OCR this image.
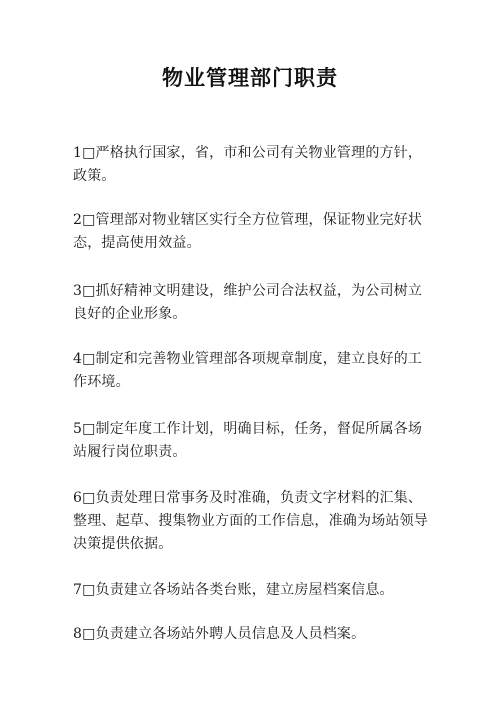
物业管理部门职责

1□严格执行国家，省，市和公司有关物业管理的方针，政策。

2□管理部对物业辖区实行全方位管理，保证物业完好状态，提高使用效益。

3□抓好精神文明建设，维护公司合法权益，为公司树立良好的企业形象。

4□制定和完善物业管理部各项规章制度，建立良好的工作环境。

5□制定年度工作计划，明确目标，任务，督促所属各场站履行岗位职责。

6□负责处理日常事务及时准确，负责文字材料的汇集、整理、起草、搜集物业方面的工作信息，准确为场站领导决策提供依据。

7□负责建立各场站各类台账，建立房屋档案信息。

8□负责建立各场站外聘人员信息及人员档案。
